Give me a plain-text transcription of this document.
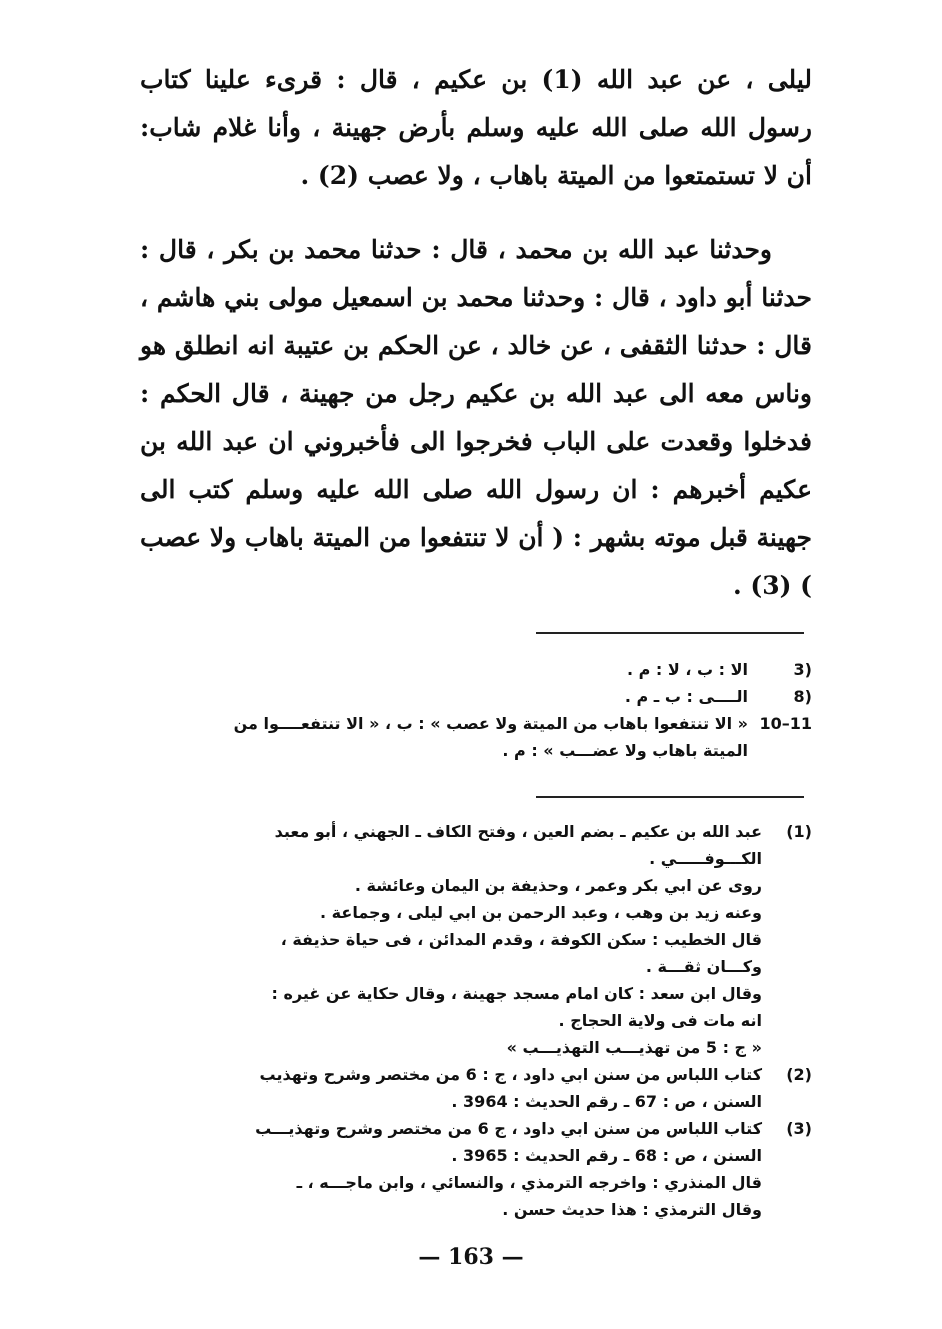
ليلى ، عن عبد الله (1) بن عكيم ، قال : قرىء علينا كتاب رسول الله صلى الله عليه وسلم بأرض جهينة ، وأنا غلام شاب: أن لا تستمتعوا من الميتة باهاب ، ولا عصب (2) .

وحدثنا عبد الله بن محمد ، قال : حدثنا محمد بن بكر ، قال : حدثنا أبو داود ، قال : وحدثنا محمد بن اسمعيل مولى بني هاشم ، قال : حدثنا الثقفى ، عن خالد ، عن الحكم بن عتيبة انه انطلق هو وناس معه الى عبد الله بن عكيم رجل من جهينة ، قال الحكم : فدخلوا وقعدت على الباب فخرجوا الى فأخبروني ان عبد الله بن عكيم أخبرهم : ان رسول الله صلى الله عليه وسلم كتب الى جهينة قبل موته بشهر : ( أن لا تنتفعوا من الميتة باهاب ولا عصب ) (3) .

3)
الا : ب ، لا : م .
8)
الــــى : ب ـ م .
10–11
« الا تنتفعوا باهاب من الميتة ولا عصب » : ب ، « الا تنتفعــــوا من
الميتة باهاب ولا عضـــب » : م .
(1)
عبد الله بن عكيم ـ بضم العين ، وفتح الكاف ـ الجهني ، أبو معبد
الكـــوفـــــي .
روى عن ابي بكر وعمر ، وحذيفة بن اليمان وعائشة .
وعنه زيد بن وهب ، وعبد الرحمن بن ابي ليلى ، وجماعة .
قال الخطيب : سكن الكوفة ، وقدم المدائن ، فى حياة حذيفة ،
وكـــان ثقـــة .
وقال ابن سعد : كان امام مسجد جهينة ، وقال حكاية عن غيره :
انه مات فى ولاية الحجاج .
« ج : 5 من تهذيـــب التهذيـــب »
(2)
كتاب اللباس من سنن ابي داود ، ج : 6 من مختصر وشرح وتهذيب
السنن ، ص : 67 ـ رقم الحديث : 3964 .
(3)
كتاب اللباس من سنن ابي داود ، ج 6 من مختصر وشرح وتهذيـــب
السنن ، ص : 68 ـ رقم الحديث : 3965 .
قال المنذري : واخرجه الترمذي ، والنسائي ، وابن ماجـــه ، ـ
وقال الترمذي : هذا حديث حسن .
— 163 —
